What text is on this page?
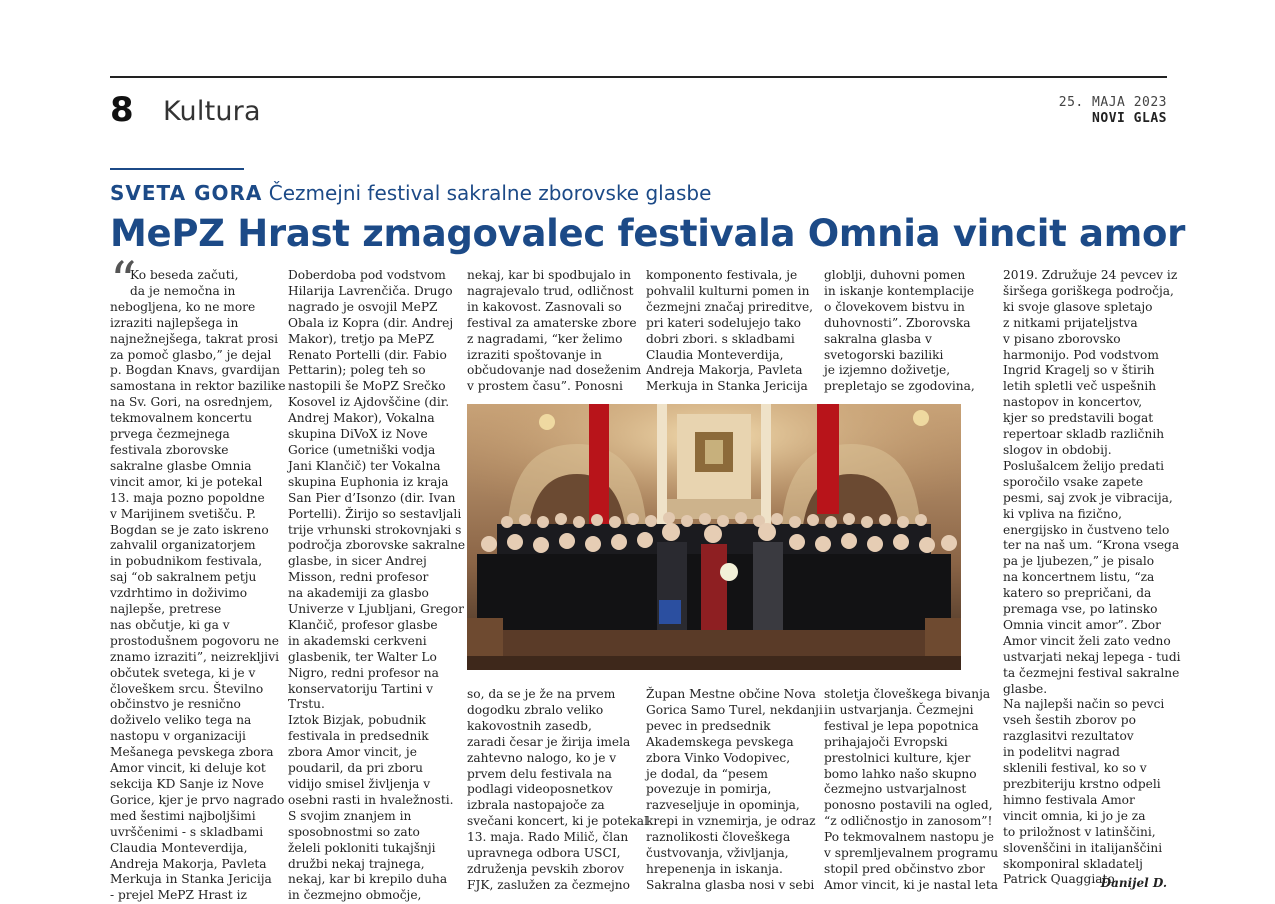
8 Kultura	25. MAJA 2023
NOVI GLAS
SVETA GORA Čezmejni festival sakralne zborovske glasbe
MePZ Hrast zmagovalec festivala Omnia vincit amor
“
Ko beseda začuti,
da je nemočna in
nebogljena, ko ne more
izraziti najlepšega in
najnežnejšega, takrat prosi
za pomoč glasbo,” je dejal
p. Bogdan Knavs, gvardijan
samostana in rektor bazilike
na Sv. Gori, na osrednjem,
tekmovalnem koncertu
prvega čezmejnega
festivala zborovske
sakralne glasbe Omnia
vincit amor, ki je potekal
13. maja pozno popoldne
v Marijinem svetišču. P.
Bogdan se je zato iskreno
zahvalil organizatorjem
in pobudnikom festivala,
saj “ob sakralnem petju
vzdrhtimo in doživimo
najlepše, pretrese
nas občutje, ki ga v
prostodušnem pogovoru ne
znamo izraziti”, neizreklјivi
občutek svetega, ki je v
človeškem srcu. Številno
občinstvo je resnično
doživelo veliko tega na
nastopu v organizaciji
Mešanega pevskega zbora
Amor vincit, ki deluje kot
sekcija KD Sanje iz Nove
Gorice, kjer je prvo nagrado
med šestimi najboljšimi
uvrščenimi - s skladbami
Claudia Monteverdija,
Andreja Makorja, Pavleta
Merkuja in Stanka Jericija
- prejel MePZ Hrast iz
Doberdoba pod vodstvom
Hilarija Lavrenčiča. Drugo
nagrado je osvojil MePZ
Obala iz Kopra (dir. Andrej
Makor), tretjo pa MePZ
Renato Portelli (dir. Fabio
Pettarin); poleg teh so
nastopili še MoPZ Srečko
Kosovel iz Ajdovščine (dir.
Andrej Makor), Vokalna
skupina DiVoX iz Nove
Gorice (umetniški vodja
Jani Klančič) ter Vokalna
skupina Euphonia iz kraja
San Pier d’Isonzo (dir. Ivan
Portelli). Žirijo so sestavljali
trije vrhunski strokovnjaki s
področja zborovske sakralne
glasbe, in sicer Andrej
Misson, redni profesor
na akademiji za glasbo
Univerze v Ljubljani, Gregor
Klančič, profesor glasbe
in akademski cerkveni
glasbenik, ter Walter Lo
Nigro, redni profesor na
konservatoriju Tartini v
Trstu.
Iztok Bizjak, pobudnik
festivala in predsednik
zbora Amor vincit, je
poudaril, da pri zboru
vidijo smisel življenja v
osebni rasti in hvaležnosti.
S svojim znanjem in
sposobnostmi so zato
želeli pokloniti tukajšnji
družbi nekaj trajnega,
nekaj, kar bi krepilo duha
in čezmejno območje,
nekaj, kar bi spodbujalo in
nagrajevalo trud, odličnost
in kakovost. Zasnovali so
festival za amaterske zbore
z nagradami, “ker želimo
izraziti spoštovanje in
občudovanje nad doseženim
v prostem času”. Ponosni
komponento festivala, je
pohvalil kulturni pomen in
čezmejni značaj prireditve,
pri kateri sodelujejo tako
dobri zbori. s skladbami
Claudia Monteverdija,
Andreja Makorja, Pavleta
Merkuja in Stanka Jericija
globlji, duhovni pomen
in iskanje kontemplacije
o človekovem bistvu in
duhovnosti”. Zborovska
sakralna glasba v
svetogorski baziliki
je izjemno doživetje,
prepletajo se zgodovina,
2019. Združuje 24 pevcev iz
širšega goriškega področja,
ki svoje glasove spletajo
z nitkami prijateljstva
v pisano zborovsko
harmonijo. Pod vodstvom
Ingrid Kragelj so v štirih
letih spletli več uspešnih
nastopov in koncertov,
kjer so predstavili bogat
repertoar skladb različnih
slogov in obdobij.
Poslušalcem želijo predati
sporočilo vsake zapete
pesmi, saj zvok je vibracija,
ki vpliva na fizično,
energijsko in čustveno telo
ter na naš um. “Krona vsega
pa je ljubezen,” je pisalo
na koncertnem listu, “za
katero so prepričani, da
premaga vse, po latinsko
Omnia vincit amor”. Zbor
Amor vincit želi zato vedno
ustvarjati nekaj lepega - tudi
ta čezmejni festival sakralne
glasbe.
Na najlepši način so pevci
vseh šestih zborov po
razglasitvi rezultatov
in podelitvi nagrad
sklenili festival, ko so v
prezbiteriju krstno odpeli
himno festivala Amor
vincit omnia, ki jo je za
to priložnost v latinščini,
slovenščini in italijanščini
skomponiral skladatelj
Patrick Quaggiato.
so, da se je že na prvem
dogodku zbralo veliko
kakovostnih zasedb,
zaradi česar je žirija imela
zahtevno nalogo, ko je v
prvem delu festivala na
podlagi videoposnetkov
izbrala nastopajoče za
svečani koncert, ki je potekal
13. maja. Rado Milič, član
upravnega odbora USCI,
združenja pevskih zborov
FJK, zaslužen za čezmejno
Župan Mestne občine Nova
Gorica Samo Turel, nekdanji
pevec in predsednik
Akademskega pevskega
zbora Vinko Vodopivec,
je dodal, da “pesem
povezuje in pomirja,
razveseljuje in opominja,
krepi in vznemirja, je odraz
raznolikosti človeškega
čustvovanja, vživljanja,
hrepenenja in iskanja.
Sakralna glasba nosi v sebi
stoletja človeškega bivanja
in ustvarjanja. Čezmejni
festival je lepa popotnica
prihajajoči Evropski
prestolnici kulture, kjer
bomo lahko našo skupno
čezmejno ustvarjalnost
ponosno postavili na ogled,
“z odličnostjo in zanosom”!
Po tekmovalnem nastopu je
v spremljevalnem programu
stopil pred občinstvo zbor
Amor vincit, ki je nastal leta	Danijel D.
